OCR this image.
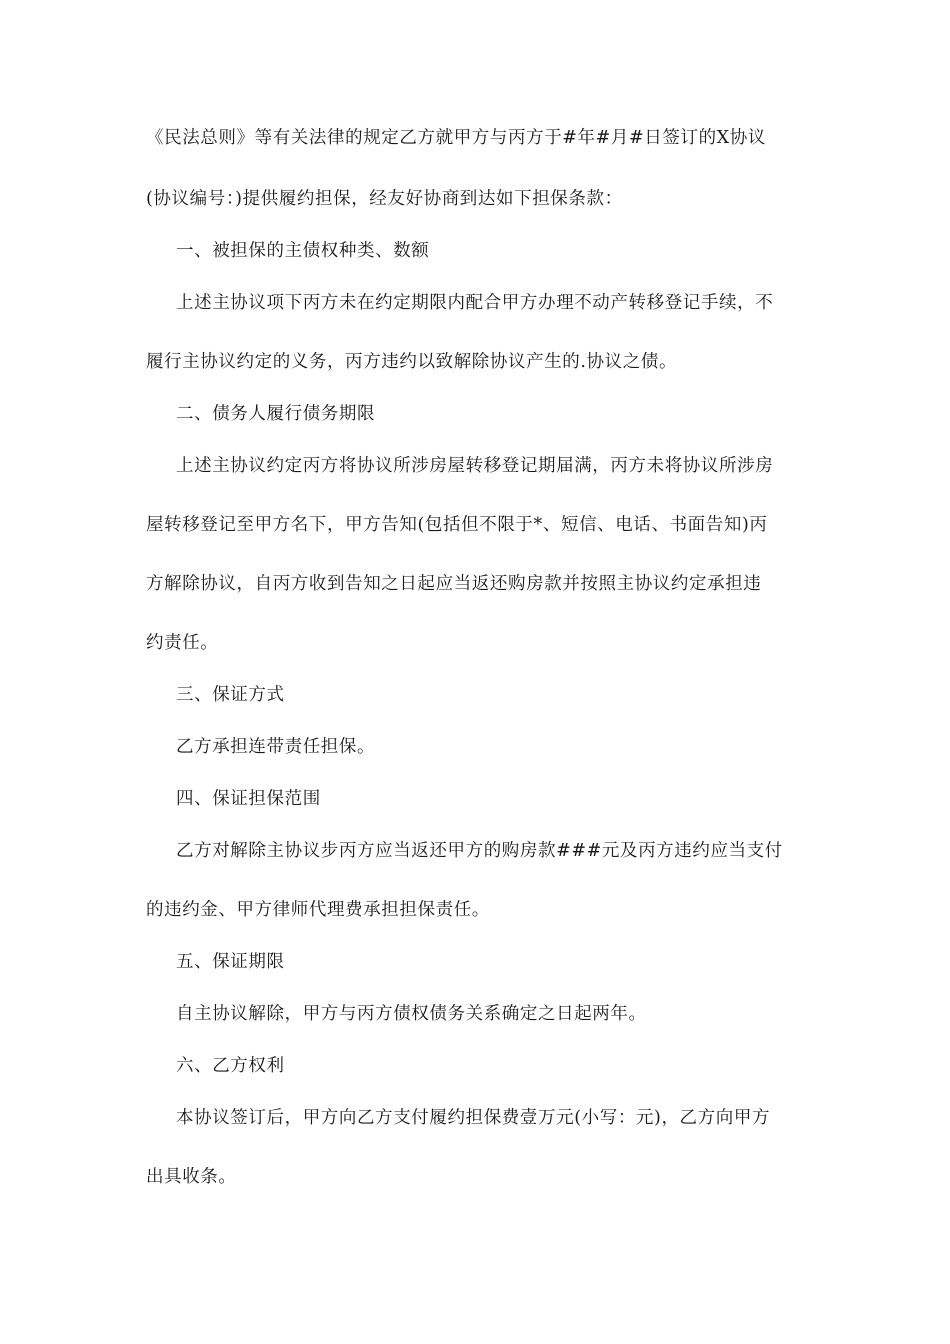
《民法总则》等有关法律的规定乙方就甲方与丙方于#年#月#日签订的X协议
(协议编号：)提供履约担保，经友好协商到达如下担保条款：
一、被担保的主债权种类、数额
上述主协议项下丙方未在约定期限内配合甲方办理不动产转移登记手续，不
履行主协议约定的义务，丙方违约以致解除协议产生的.协议之债。
二、债务人履行债务期限
上述主协议约定丙方将协议所涉房屋转移登记期届满，丙方未将协议所涉房
屋转移登记至甲方名下，甲方告知(包括但不限于*、短信、电话、书面告知)丙
方解除协议，自丙方收到告知之日起应当返还购房款并按照主协议约定承担违
约责任。
三、保证方式
乙方承担连带责任担保。
四、保证担保范围
乙方对解除主协议步丙方应当返还甲方的购房款###元及丙方违约应当支付
的违约金、甲方律师代理费承担担保责任。
五、保证期限
自主协议解除，甲方与丙方债权债务关系确定之日起两年。
六、乙方权利
本协议签订后，甲方向乙方支付履约担保费壹万元(小写：元)，乙方向甲方
出具收条。
